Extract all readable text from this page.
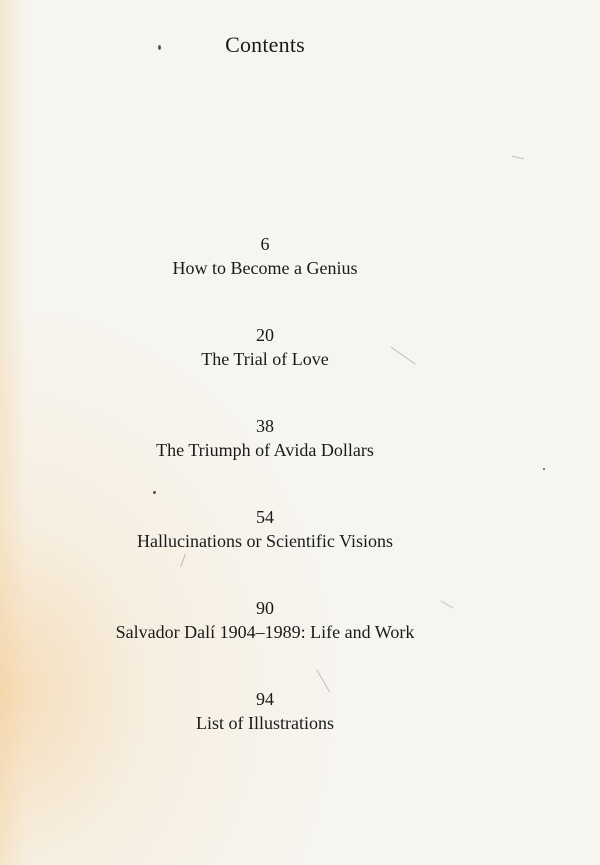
Contents
6
How to Become a Genius
20
The Trial of Love
38
The Triumph of Avida Dollars
54
Hallucinations or Scientific Visions
90
Salvador Dalí 1904–1989: Life and Work
94
List of Illustrations
